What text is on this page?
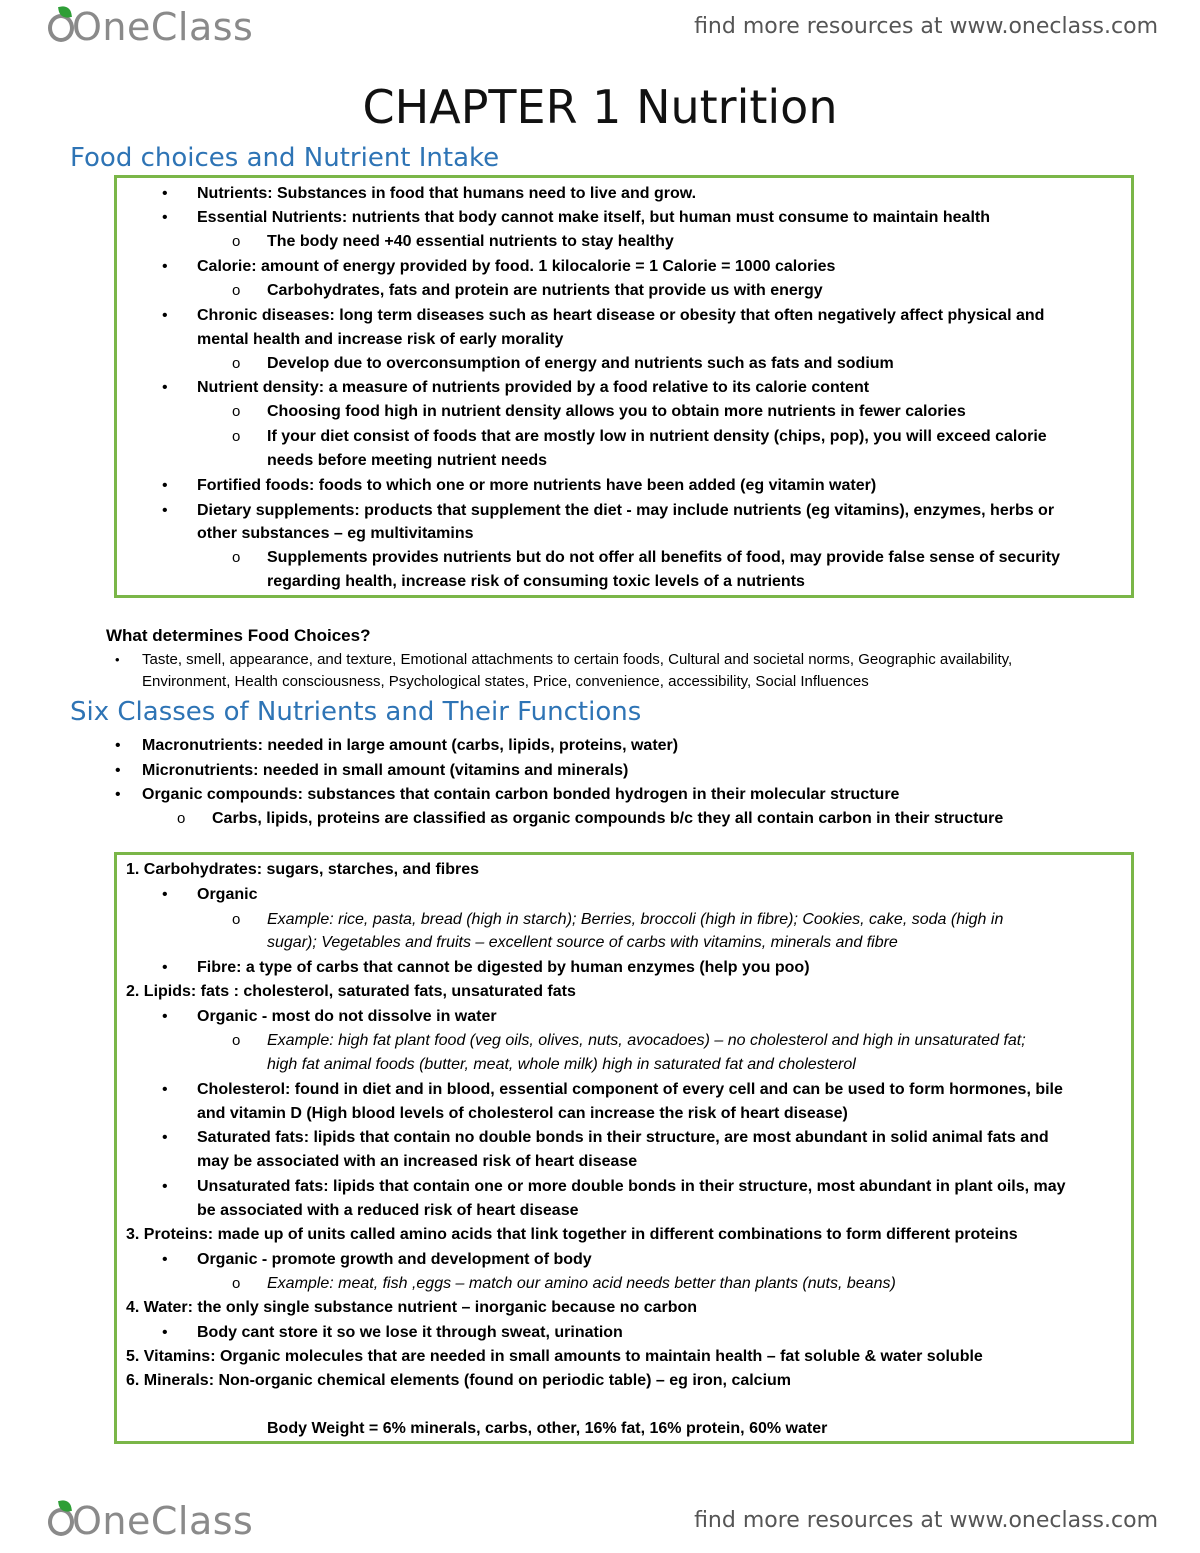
OneClass	find more resources at www.oneclass.com
CHAPTER 1 Nutrition
Food choices and Nutrient Intake
• Nutrients: Substances in food that humans need to live and grow.
• Essential Nutrients: nutrients that body cannot make itself, but human must consume to maintain health
o The body need +40 essential nutrients to stay healthy
• Calorie: amount of energy provided by food. 1 kilocalorie = 1 Calorie = 1000 calories
o Carbohydrates, fats and protein are nutrients that provide us with energy
• Chronic diseases: long term diseases such as heart disease or obesity that often negatively affect physical and
mental health and increase risk of early morality
o Develop due to overconsumption of energy and nutrients such as fats and sodium
• Nutrient density: a measure of nutrients provided by a food relative to its calorie content
o Choosing food high in nutrient density allows you to obtain more nutrients in fewer calories
o If your diet consist of foods that are mostly low in nutrient density (chips, pop), you will exceed calorie
needs before meeting nutrient needs
• Fortified foods: foods to which one or more nutrients have been added (eg vitamin water)
• Dietary supplements: products that supplement the diet - may include nutrients (eg vitamins), enzymes, herbs or
other substances – eg multivitamins
o Supplements provides nutrients but do not offer all benefits of food, may provide false sense of security
regarding health, increase risk of consuming toxic levels of a nutrients
What determines Food Choices?
• Taste, smell, appearance, and texture, Emotional attachments to certain foods, Cultural and societal norms, Geographic availability,
Environment, Health consciousness, Psychological states, Price, convenience, accessibility, Social Influences
Six Classes of Nutrients and Their Functions
• Macronutrients: needed in large amount (carbs, lipids, proteins, water)
• Micronutrients: needed in small amount (vitamins and minerals)
• Organic compounds: substances that contain carbon bonded hydrogen in their molecular structure
o Carbs, lipids, proteins are classified as organic compounds b/c they all contain carbon in their structure
1. Carbohydrates: sugars, starches, and fibres
• Organic
o Example: rice, pasta, bread (high in starch); Berries, broccoli (high in fibre); Cookies, cake, soda (high in
sugar); Vegetables and fruits – excellent source of carbs with vitamins, minerals and fibre
• Fibre: a type of carbs that cannot be digested by human enzymes (help you poo)
2. Lipids: fats : cholesterol, saturated fats, unsaturated fats
• Organic - most do not dissolve in water
o Example: high fat plant food (veg oils, olives, nuts, avocadoes) – no cholesterol and high in unsaturated fat;
high fat animal foods (butter, meat, whole milk) high in saturated fat and cholesterol
• Cholesterol: found in diet and in blood, essential component of every cell and can be used to form hormones, bile
and vitamin D (High blood levels of cholesterol can increase the risk of heart disease)
• Saturated fats: lipids that contain no double bonds in their structure, are most abundant in solid animal fats and
may be associated with an increased risk of heart disease
• Unsaturated fats: lipids that contain one or more double bonds in their structure, most abundant in plant oils, may
be associated with a reduced risk of heart disease
3. Proteins: made up of units called amino acids that link together in different combinations to form different proteins
• Organic - promote growth and development of body
o Example: meat, fish ,eggs – match our amino acid needs better than plants (nuts, beans)
4. Water: the only single substance nutrient – inorganic because no carbon
• Body cant store it so we lose it through sweat, urination
5. Vitamins: Organic molecules that are needed in small amounts to maintain health – fat soluble & water soluble
6. Minerals: Non-organic chemical elements (found on periodic table) – eg iron, calcium
Body Weight = 6% minerals, carbs, other, 16% fat, 16% protein, 60% water
OneClass	find more resources at www.oneclass.com
